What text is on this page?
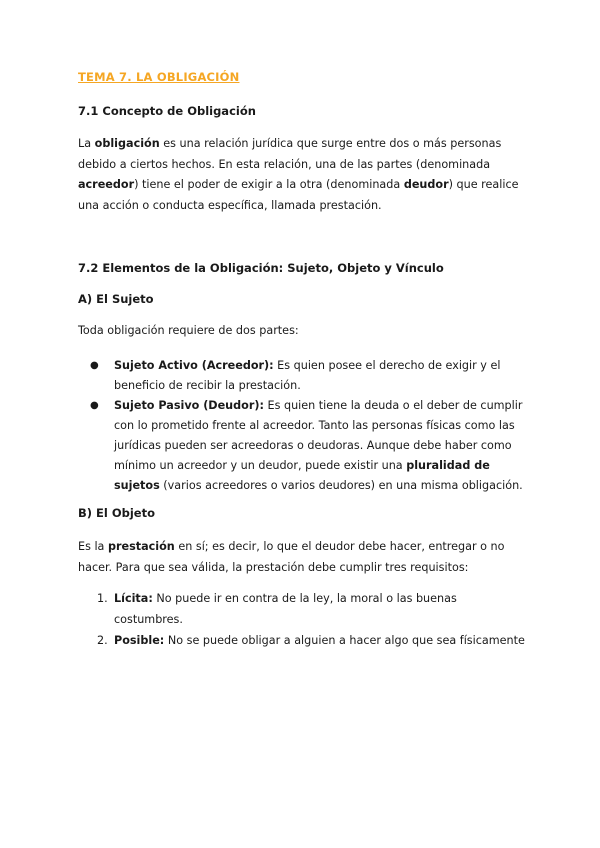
TEMA 7. LA OBLIGACIÓN
7.1 Concepto de Obligación
La obligación es una relación jurídica que surge entre dos o más personas debido a ciertos hechos. En esta relación, una de las partes (denominada acreedor) tiene el poder de exigir a la otra (denominada deudor) que realice una acción o conducta específica, llamada prestación.
7.2 Elementos de la Obligación: Sujeto, Objeto y Vínculo
A) El Sujeto
Toda obligación requiere de dos partes:
● Sujeto Activo (Acreedor): Es quien posee el derecho de exigir y el beneficio de recibir la prestación.
● Sujeto Pasivo (Deudor): Es quien tiene la deuda o el deber de cumplir con lo prometido frente al acreedor. Tanto las personas físicas como las jurídicas pueden ser acreedoras o deudoras. Aunque debe haber como mínimo un acreedor y un deudor, puede existir una pluralidad de sujetos (varios acreedores o varios deudores) en una misma obligación.
B) El Objeto
Es la prestación en sí; es decir, lo que el deudor debe hacer, entregar o no hacer. Para que sea válida, la prestación debe cumplir tres requisitos:
1. Lícita: No puede ir en contra de la ley, la moral o las buenas costumbres.
2. Posible: No se puede obligar a alguien a hacer algo que sea físicamente
